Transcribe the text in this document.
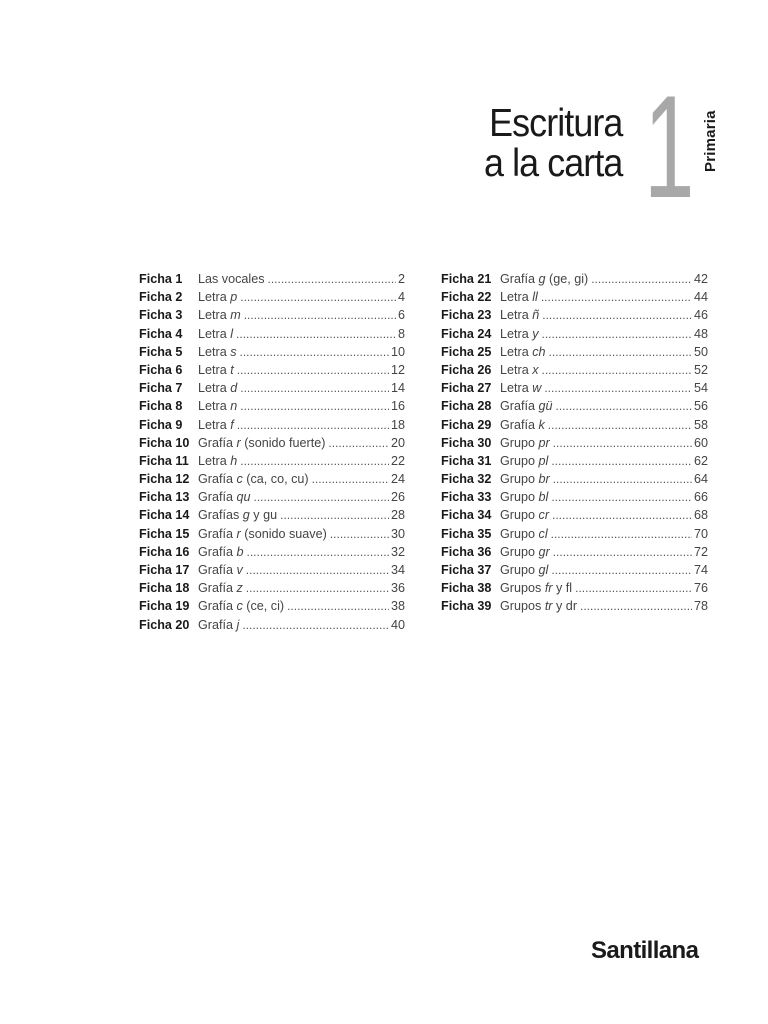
Escritura
a la carta 1 Primaria
Ficha 1	Las vocales .....	2
Ficha 2	Letra p .....	4
Ficha 3	Letra m .....	6
Ficha 4	Letra l .....	8
Ficha 5	Letra s .....	10
Ficha 6	Letra t .....	12
Ficha 7	Letra d .....	14
Ficha 8	Letra n .....	16
Ficha 9	Letra f .....	18
Ficha 10 Grafía r (sonido fuerte) .....	20
Ficha 11 Letra h .....	22
Ficha 12 Grafía c (ca, co, cu) .....	24
Ficha 13 Grafía qu .....	26
Ficha 14 Grafías g y gu .....	28
Ficha 15 Grafía r (sonido suave) .....	30
Ficha 16 Grafía b .....	32
Ficha 17 Grafía v .....	34
Ficha 18 Grafía z .....	36
Ficha 19 Grafía c (ce, ci) .....	38
Ficha 20 Grafía j .....	40
Ficha 21 Grafía g (ge, gi) .....	42
Ficha 22 Letra ll .....	44
Ficha 23 Letra ñ .....	46
Ficha 24 Letra y .....	48
Ficha 25 Letra ch .....	50
Ficha 26 Letra x .....	52
Ficha 27 Letra w .....	54
Ficha 28 Grafía gü .....	56
Ficha 29 Grafía k .....	58
Ficha 30 Grupo pr .....	60
Ficha 31 Grupo pl .....	62
Ficha 32 Grupo br .....	64
Ficha 33 Grupo bl .....	66
Ficha 34 Grupo cr .....	68
Ficha 35 Grupo cl .....	70
Ficha 36 Grupo gr .....	72
Ficha 37 Grupo gl .....	74
Ficha 38 Grupos fr y fl .....	76
Ficha 39 Grupos tr y dr .....	78
Santillana
